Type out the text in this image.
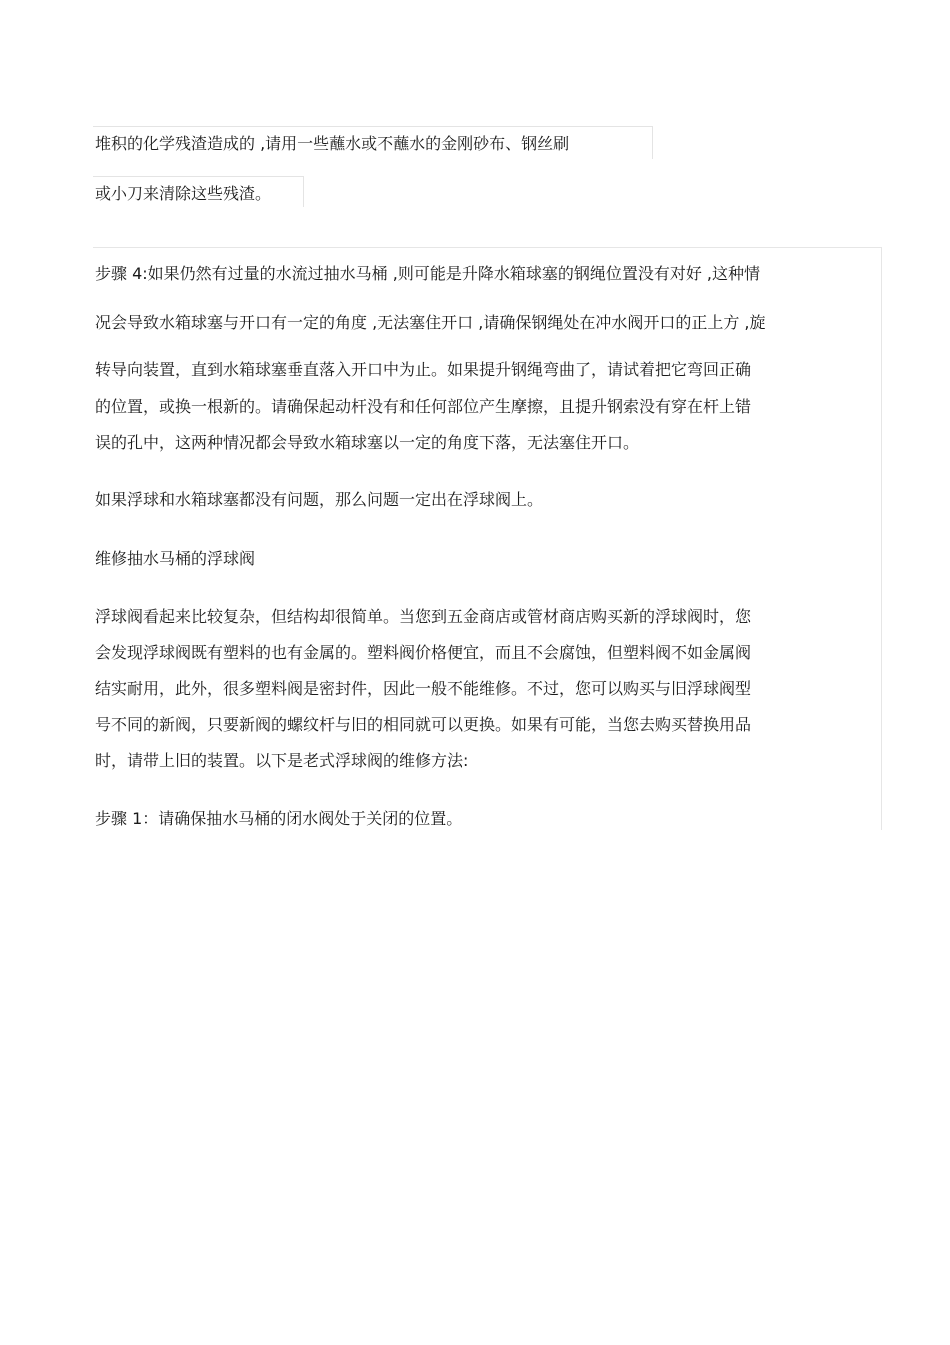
堆积的化学残渣造成的 ,请用一些蘸水或不蘸水的金刚砂布、钢丝刷
或小刀来清除这些残渣。
步骤 4:如果仍然有过量的水流过抽水马桶 ,则可能是升降水箱球塞的钢绳位置没有对好 ,这种情
况会导致水箱球塞与开口有一定的角度 ,无法塞住开口 ,请确保钢绳处在冲水阀开口的正上方 ,旋
转导向装置，直到水箱球塞垂直落入开口中为止。如果提升钢绳弯曲了，请试着把它弯回正确
的位置，或换一根新的。请确保起动杆没有和任何部位产生摩擦，且提升钢索没有穿在杆上错
误的孔中，这两种情况都会导致水箱球塞以一定的角度下落，无法塞住开口。
如果浮球和水箱球塞都没有问题，那么问题一定出在浮球阀上。
维修抽水马桶的浮球阀
浮球阀看起来比较复杂，但结构却很简单。当您到五金商店或管材商店购买新的浮球阀时，您
会发现浮球阀既有塑料的也有金属的。塑料阀价格便宜，而且不会腐蚀，但塑料阀不如金属阀
结实耐用，此外，很多塑料阀是密封件，因此一般不能维修。不过，您可以购买与旧浮球阀型
号不同的新阀，只要新阀的螺纹杆与旧的相同就可以更换。如果有可能，当您去购买替换用品
时，请带上旧的装置。以下是老式浮球阀的维修方法:
步骤 1：请确保抽水马桶的闭水阀处于关闭的位置。
